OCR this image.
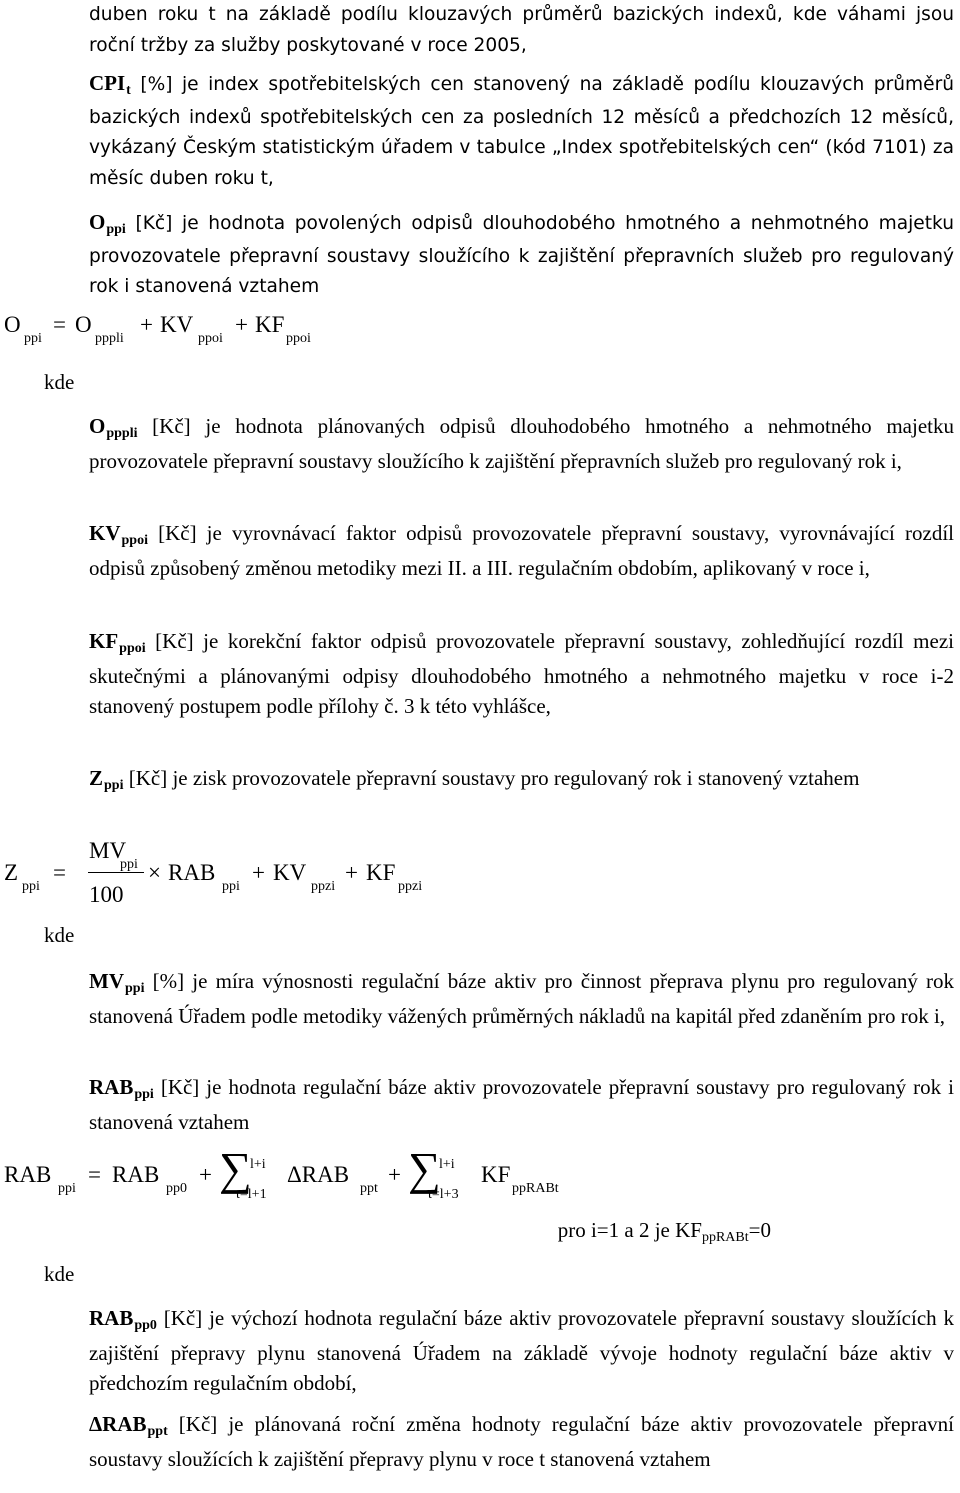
duben roku t na základě podílu klouzavých průměrů bazických indexů, kde váhami jsou roční tržby za služby poskytované v roce 2005,

$CPI_t$ [%] je index spotřebitelských cen stanovený na základě podílu klouzavých průměrů bazických indexů spotřebitelských cen za posledních 12 měsíců a předchozích 12 měsíců, vykázaný Českým statistickým úřadem v tabulce „Index spotřebitelských cen“ (kód 7101) za měsíc duben roku t,

$O_{ppi}$ [Kč] je hodnota povolených odpisů dlouhodobého hmotného a nehmotného majetku provozovatele přepravní soustavy sloužícího k zajištění přepravních služeb pro regulovaný rok i stanovená vztahem

O
ppi
= O
pppli
+ KV
ppoi
+ KF
ppoi

kde

Opppli [Kč] je hodnota plánovaných odpisů dlouhodobého hmotného a nehmotného majetku provozovatele přepravní soustavy sloužícího k zajištění přepravních služeb pro regulovaný rok i,

KVppoi [Kč] je vyrovnávací faktor odpisů provozovatele přepravní soustavy, vyrovnávající rozdíl odpisů způsobený změnou metodiky mezi II. a III. regulačním obdobím, aplikovaný v roce i,

KFppoi [Kč] je korekční faktor odpisů provozovatele přepravní soustavy, zohledňující rozdíl mezi skutečnými a plánovanými odpisy dlouhodobého hmotného a nehmotného majetku v roce i-2 stanovený postupem podle přílohy č. 3 k této vyhlášce,

Zppi [Kč] je zisk provozovatele přepravní soustavy pro regulovaný rok i stanovený vztahem

Z
ppi
=
MV
ppi
100
× RAB
ppi
+ KV
ppzi
+ KF
ppzi

kde

MVppi [%] je míra výnosnosti regulační báze aktiv pro činnost přeprava plynu pro regulovaný rok stanovená Úřadem podle metodiky vážených průměrných nákladů na kapitál před zdaněním pro rok i,

RABppi [Kč] je hodnota regulační báze aktiv provozovatele přepravní soustavy pro regulovaný rok i stanovená vztahem

RAB
ppi
= RAB
pp0
+ ∑
l+i
t=l+1
ΔRAB
ppt
+ ∑
l+i
t=l+3
KF
ppRABt

pro i=1 a 2 je KFppRABt=0

kde

RABpp0 [Kč] je výchozí hodnota regulační báze aktiv provozovatele přepravní soustavy sloužících k zajištění přepravy plynu stanovená Úřadem na základě vývoje hodnoty regulační báze aktiv v předchozím regulačním období,

ΔRABppt [Kč] je plánovaná roční změna hodnoty regulační báze aktiv provozovatele přepravní soustavy sloužících k zajištění přepravy plynu v roce t stanovená vztahem
